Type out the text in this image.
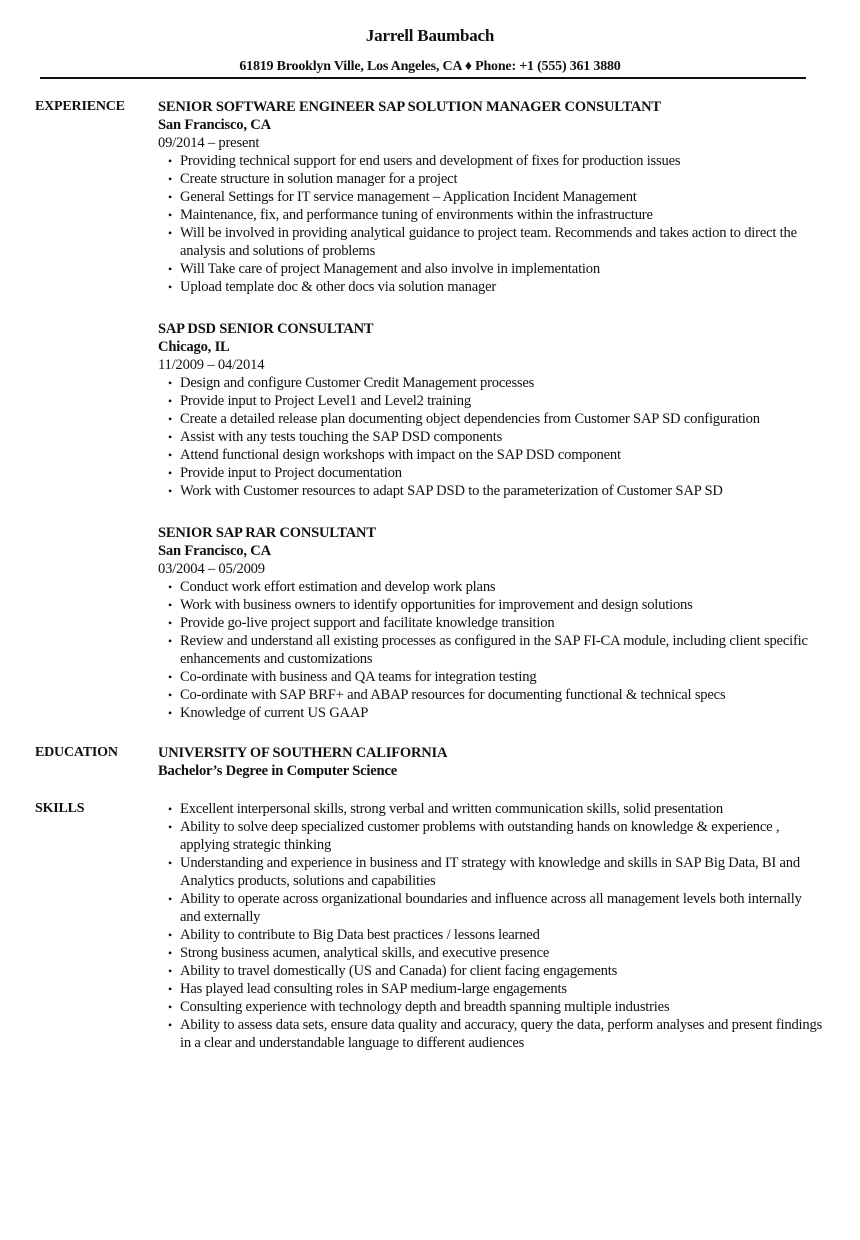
Jarrell Baumbach
61819 Brooklyn Ville, Los Angeles, CA ♦ Phone: +1 (555) 361 3880
EXPERIENCE SENIOR SOFTWARE ENGINEER SAP SOLUTION MANAGER CONSULTANT
San Francisco, CA
09/2014 – present
• Providing technical support for end users and development of fixes for production issues
• Create structure in solution manager for a project
• General Settings for IT service management – Application Incident Management
• Maintenance, fix, and performance tuning of environments within the infrastructure
• Will be involved in providing analytical guidance to project team. Recommends and takes action to direct the analysis and solutions of problems
• Will Take care of project Management and also involve in implementation
• Upload template doc & other docs via solution manager
SAP DSD SENIOR CONSULTANT
Chicago, IL
11/2009 – 04/2014
• Design and configure Customer Credit Management processes
• Provide input to Project Level1 and Level2 training
• Create a detailed release plan documenting object dependencies from Customer SAP SD configuration
• Assist with any tests touching the SAP DSD components
• Attend functional design workshops with impact on the SAP DSD component
• Provide input to Project documentation
• Work with Customer resources to adapt SAP DSD to the parameterization of Customer SAP SD
SENIOR SAP RAR CONSULTANT
San Francisco, CA
03/2004 – 05/2009
• Conduct work effort estimation and develop work plans
• Work with business owners to identify opportunities for improvement and design solutions
• Provide go-live project support and facilitate knowledge transition
• Review and understand all existing processes as configured in the SAP FI-CA module, including client specific enhancements and customizations
• Co-ordinate with business and QA teams for integration testing
• Co-ordinate with SAP BRF+ and ABAP resources for documenting functional & technical specs
• Knowledge of current US GAAP
EDUCATION	UNIVERSITY OF SOUTHERN CALIFORNIA
Bachelor’s Degree in Computer Science
SKILLS	• Excellent interpersonal skills, strong verbal and written communication skills, solid presentation
• Ability to solve deep specialized customer problems with outstanding hands on knowledge & experience , applying strategic thinking
• Understanding and experience in business and IT strategy with knowledge and skills in SAP Big Data, BI and Analytics products, solutions and capabilities
• Ability to operate across organizational boundaries and influence across all management levels both internally and externally
• Ability to contribute to Big Data best practices / lessons learned
• Strong business acumen, analytical skills, and executive presence
• Ability to travel domestically (US and Canada) for client facing engagements
• Has played lead consulting roles in SAP medium-large engagements
• Consulting experience with technology depth and breadth spanning multiple industries
• Ability to assess data sets, ensure data quality and accuracy, query the data, perform analyses and present findings in a clear and understandable language to different audiences
